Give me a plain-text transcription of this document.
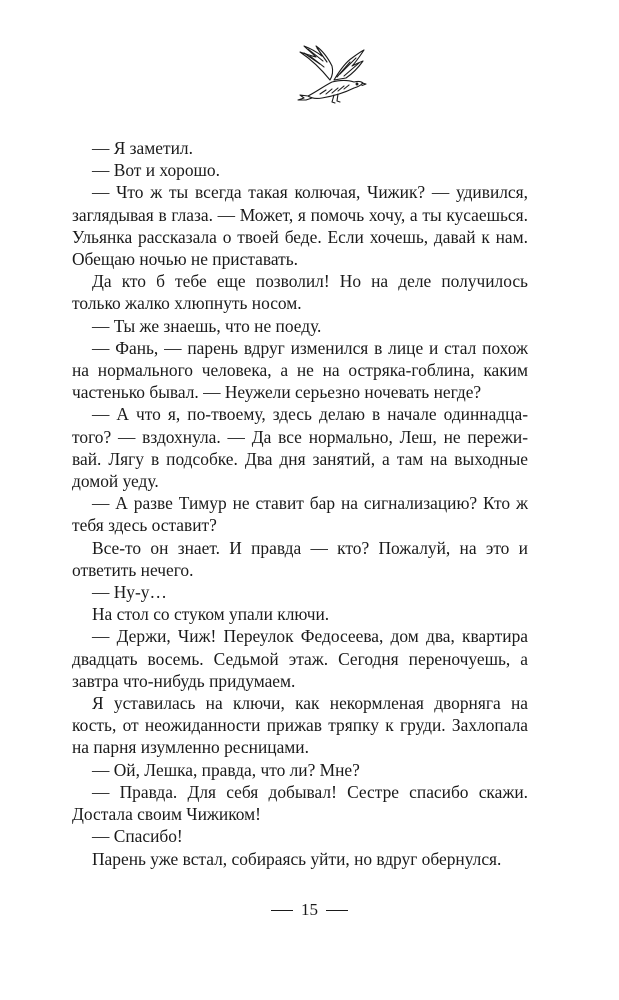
— Я заметил.

— Вот и хорошо.

— Что ж ты всегда такая колючая, Чижик? — удивился, заглядывая в глаза. — Может, я помочь хочу, а ты кусаешься. Ульянка рассказала о твоей беде. Если хочешь, давай к нам. Обещаю ночью не приставать.

Да кто б тебе еще позволил! Но на деле получилось только жалко хлюпнуть носом.

— Ты же знаешь, что не поеду.

— Фань, — парень вдруг изменился в лице и стал похож на нормального человека, а не на остряка-гоблина, каким частенько бывал. — Неужели серьезно ночевать негде?

— А что я, по-твоему, здесь делаю в начале одиннадцатого? — вздохнула. — Да все нормально, Леш, не переживай. Лягу в подсобке. Два дня занятий, а там на выходные домой уеду.

— А разве Тимур не ставит бар на сигнализацию? Кто ж тебя здесь оставит?

Все-то он знает. И правда — кто? Пожалуй, на это и ответить нечего.

— Ну-у…

На стол со стуком упали ключи.

— Держи, Чиж! Переулок Федосеева, дом два, квартира двадцать восемь. Седьмой этаж. Сегодня переночуешь, а завтра что-нибудь придумаем.

Я уставилась на ключи, как некормленая дворняга на кость, от неожиданности прижав тряпку к груди. Захлопала на парня изумленно ресницами.

— Ой, Лешка, правда, что ли? Мне?

— Правда. Для себя добывал! Сестре спасибо скажи. Достала своим Чижиком!

— Спасибо!

Парень уже встал, собираясь уйти, но вдруг обернулся.

15
